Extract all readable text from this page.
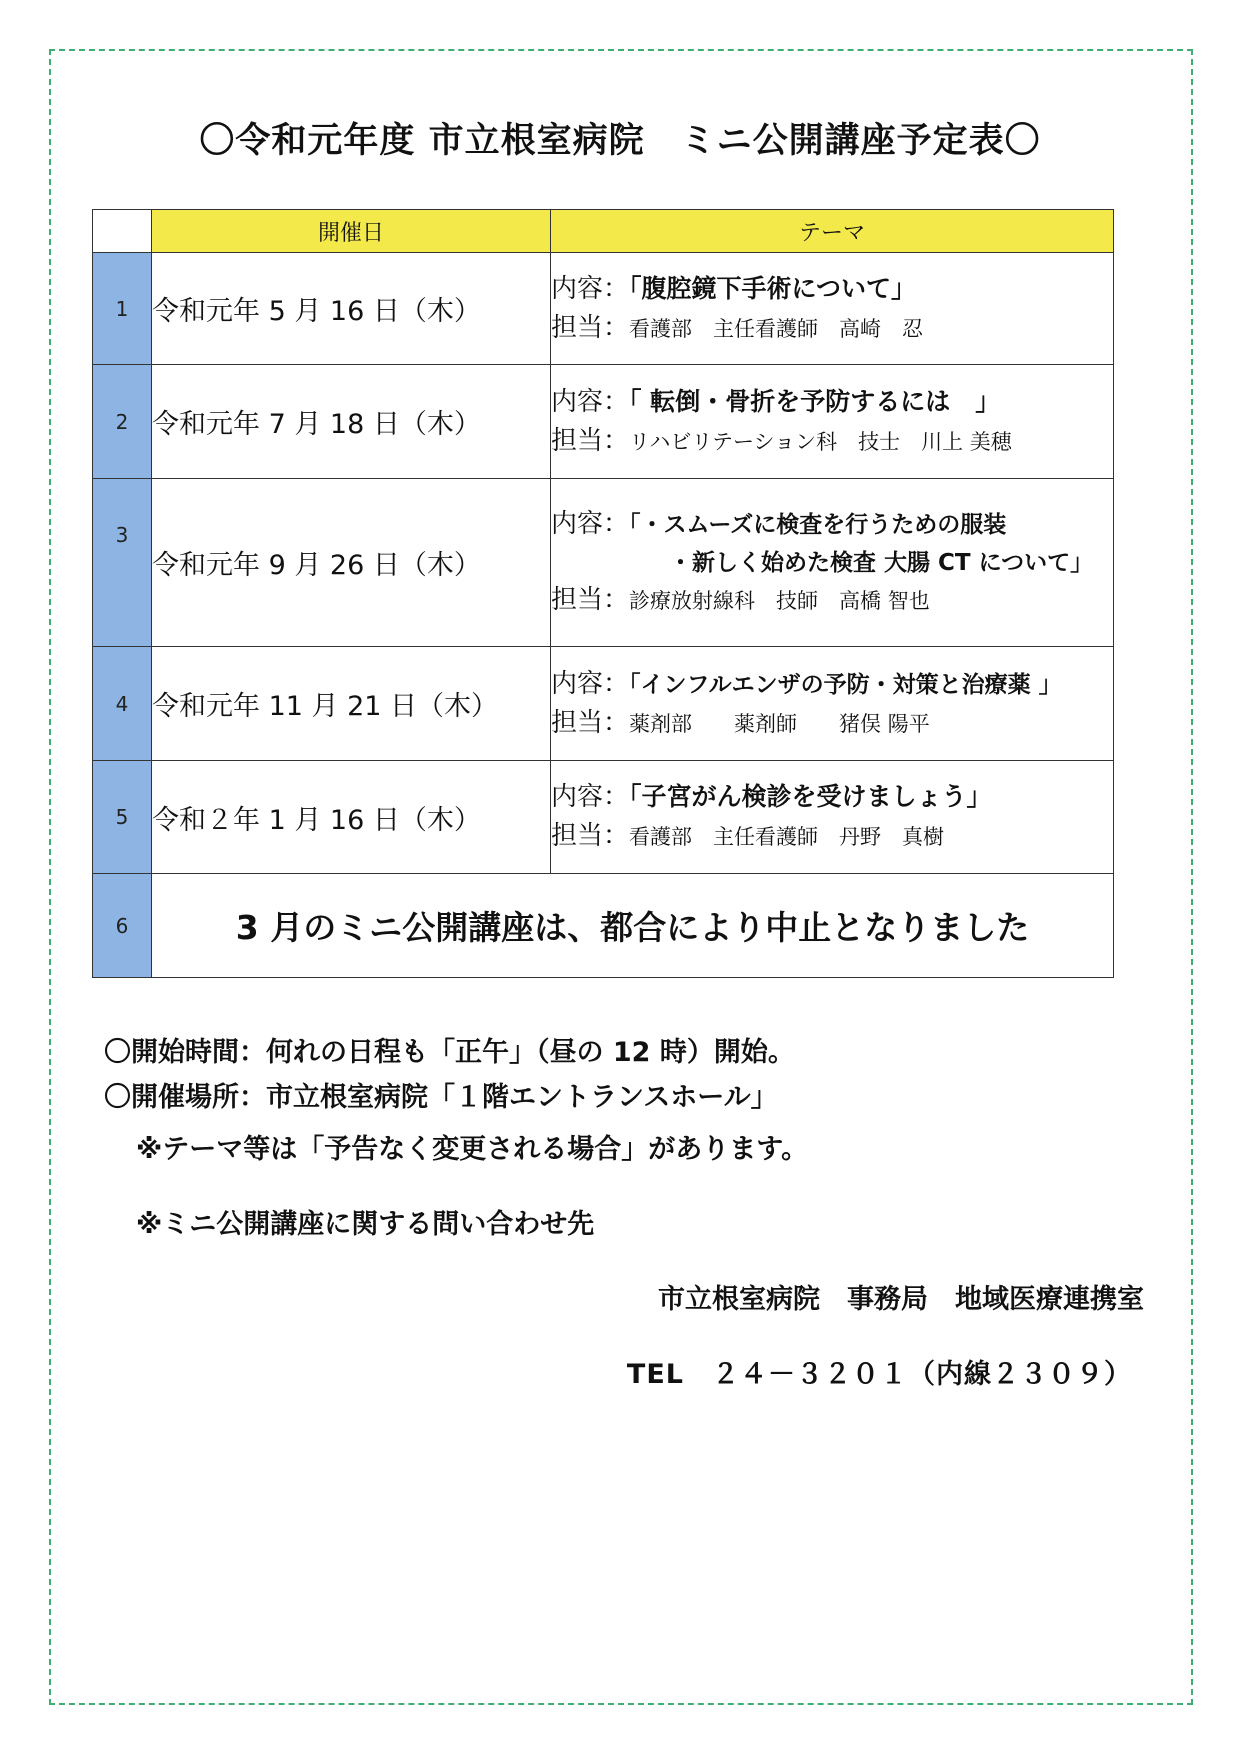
〇令和元年度 市立根室病院　ミニ公開講座予定表〇
	開催日	テーマ
1	令和元年 5 月 16 日（木）	内容：「腹腔鏡下手術について」
担当：看護部　主任看護師　高崎　忍

2	令和元年 7 月 18 日（木）	内容：「 転倒・骨折を予防するには　」
担当：リハビリテーション科　技士　川上 美穂

3	令和元年 9 月 26 日（木）	内容：「・スムーズに検査を行うための服装
・新しく始めた検査 大腸 CT について」
担当：診療放射線科　技師　高橋 智也

4	令和元年 11 月 21 日（木）	内容：「インフルエンザの予防・対策と治療薬 」
担当：薬剤部　　薬剤師　　猪俣 陽平

5	令和２年 1 月 16 日（木）	内容：「子宮がん検診を受けましょう」
担当：看護部　主任看護師　丹野　真樹

6	3 月のミニ公開講座は、都合により中止となりました	
〇開始時間：何れの日程も「正午」（昼の 12 時）開始。
〇開催場所：市立根室病院「１階エントランスホール」
※テーマ等は「予告なく変更される場合」があります。
※ミニ公開講座に関する問い合わせ先
市立根室病院　事務局　地域医療連携室
TEL　２４－３２０１（内線２３０９）
